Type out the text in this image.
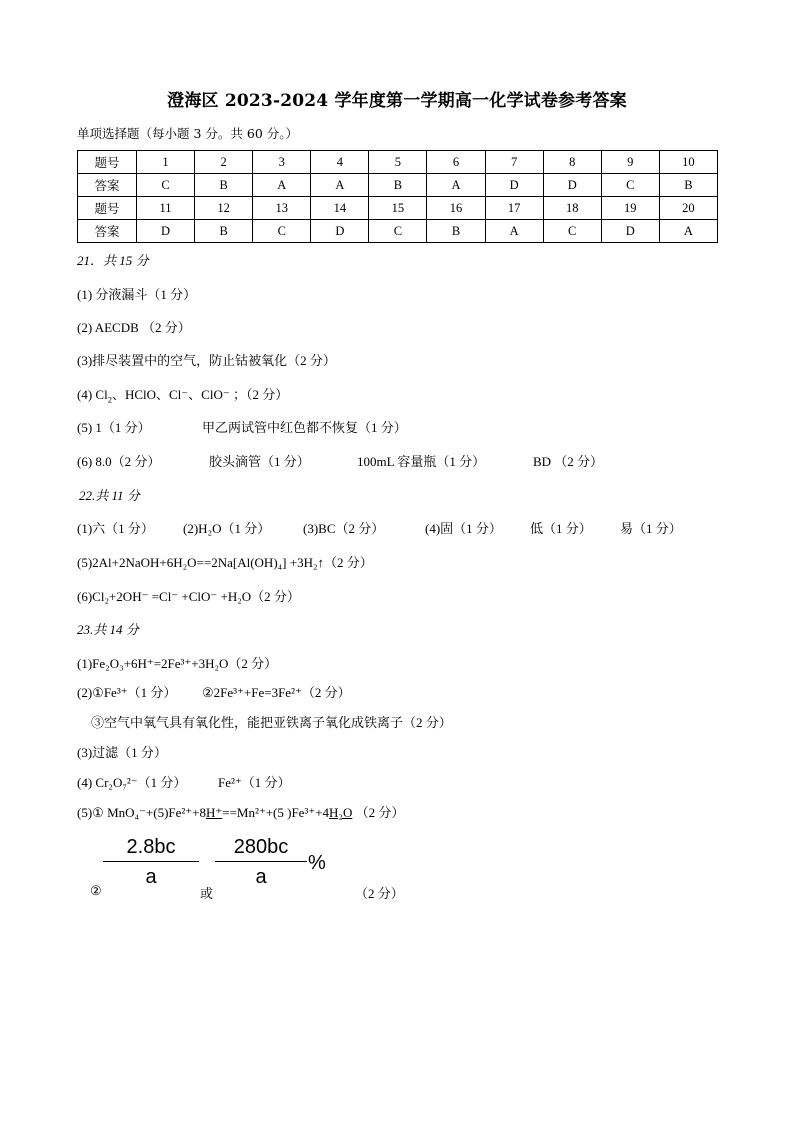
澄海区 2023-2024 学年度第一学期高一化学试卷参考答案
单项选择题（每小题 3 分。共 60 分。）
题号	1	2	3	4	5	6	7	8	9	10
答案	C	B	A	A	B	A	D	D	C	B
题号	11	12	13	14	15	16	17	18	19	20
答案	D	B	C	D	C	B	A	C	D	A
21．共 15 分
(1) 分液漏斗（1 分）
(2) AECDB （2 分）
(3)排尽装置中的空气，防止钴被氧化（2 分）
(4) $Cl_2$、HClO、Cl⁻、ClO⁻ ；（2 分）
(5) 1（1 分）	甲乙两试管中红色都不恢复（1 分）
(6) 8.0（2 分）	胶头滴管（1 分）	100mL 容量瓶（1 分）	BD （2 分）
22.共 11 分
(1)六（1 分） (2)H₂O（1 分）	(3)BC（2 分）	(4)固（1 分） 低（1 分） 易（1 分）
(5)2Al+2NaOH+6H₂O==2Na[Al(OH)₄] +3H₂↑（2 分）
(6)Cl₂+2OH⁻ =Cl⁻ +ClO⁻ +H₂O（2 分）
23.共 14 分
(1)Fe₂O₃+6H⁺=2Fe³⁺+3H₂O（2 分）
(2)①Fe³⁺（1 分） ②2Fe³⁺+Fe=3Fe²⁺（2 分）
③空气中氧气具有氧化性，能把亚铁离子氧化成铁离子（2 分）
(3)过滤（1 分）
(4) Cr₂O₇²⁻（1 分） Fe²⁺（1 分）
(5)① MnO₄⁻+(5)Fe²⁺+8H⁺==Mn²⁺+(5 )Fe³⁺+4H₂O （2 分）
2.8bc
a
280bc
a
%
②	或	（2 分）
